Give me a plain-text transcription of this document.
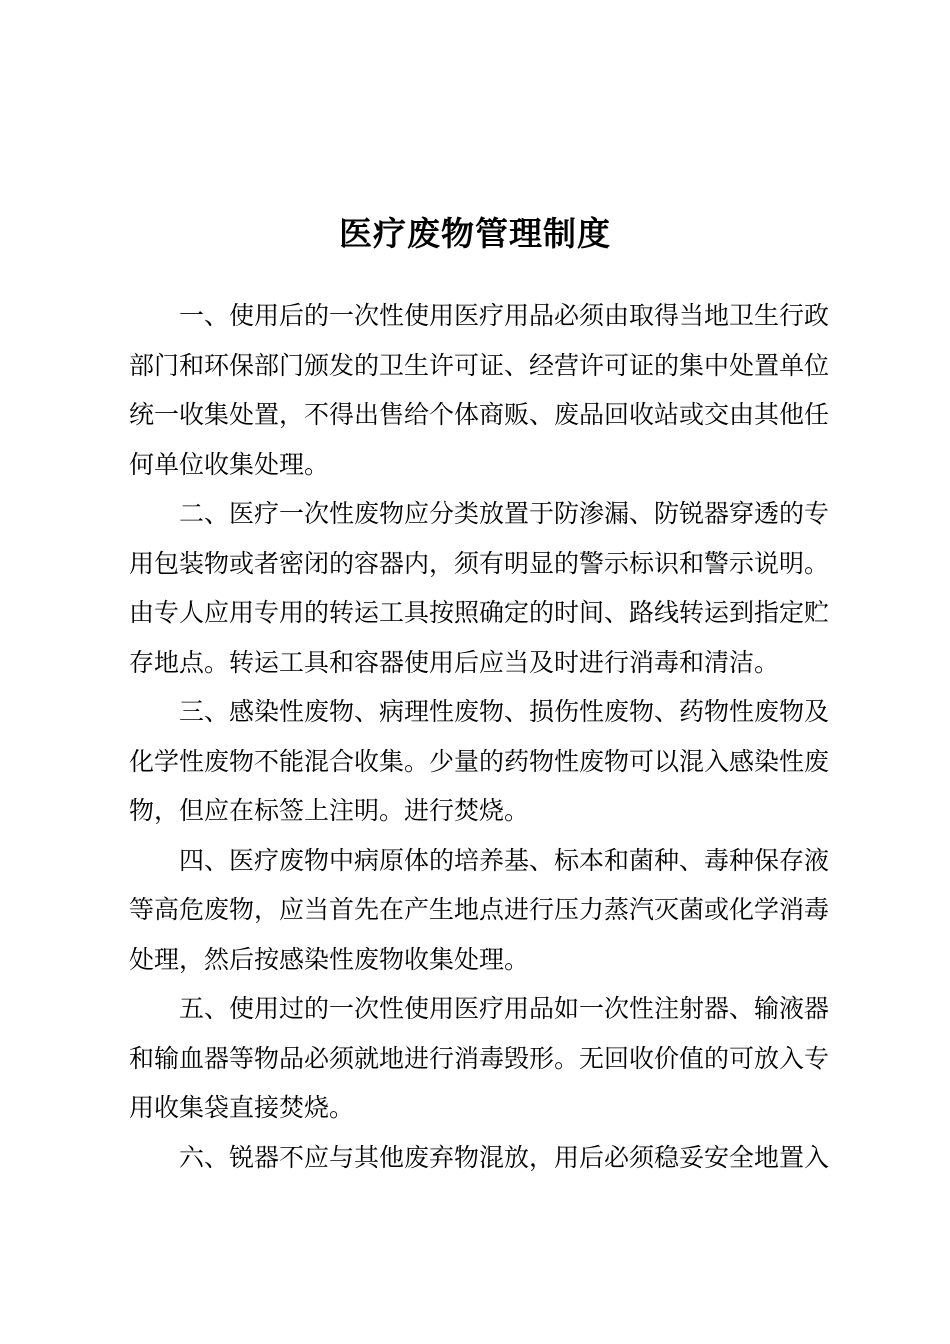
医疗废物管理制度

一、使用后的一次性使用医疗用品必须由取得当地卫生行政部门和环保部门颁发的卫生许可证、经营许可证的集中处置单位统一收集处置，不得出售给个体商贩、废品回收站或交由其他任何单位收集处理。

二、医疗一次性废物应分类放置于防渗漏、防锐器穿透的专用包装物或者密闭的容器内，须有明显的警示标识和警示说明。由专人应用专用的转运工具按照确定的时间、路线转运到指定贮存地点。转运工具和容器使用后应当及时进行消毒和清洁。

三、感染性废物、病理性废物、损伤性废物、药物性废物及化学性废物不能混合收集。少量的药物性废物可以混入感染性废物，但应在标签上注明。进行焚烧。

四、医疗废物中病原体的培养基、标本和菌种、毒种保存液等高危废物，应当首先在产生地点进行压力蒸汽灭菌或化学消毒处理，然后按感染性废物收集处理。

五、使用过的一次性使用医疗用品如一次性注射器、输液器和输血器等物品必须就地进行消毒毁形。无回收价值的可放入专用收集袋直接焚烧。

六、锐器不应与其他废弃物混放，用后必须稳妥安全地置入
